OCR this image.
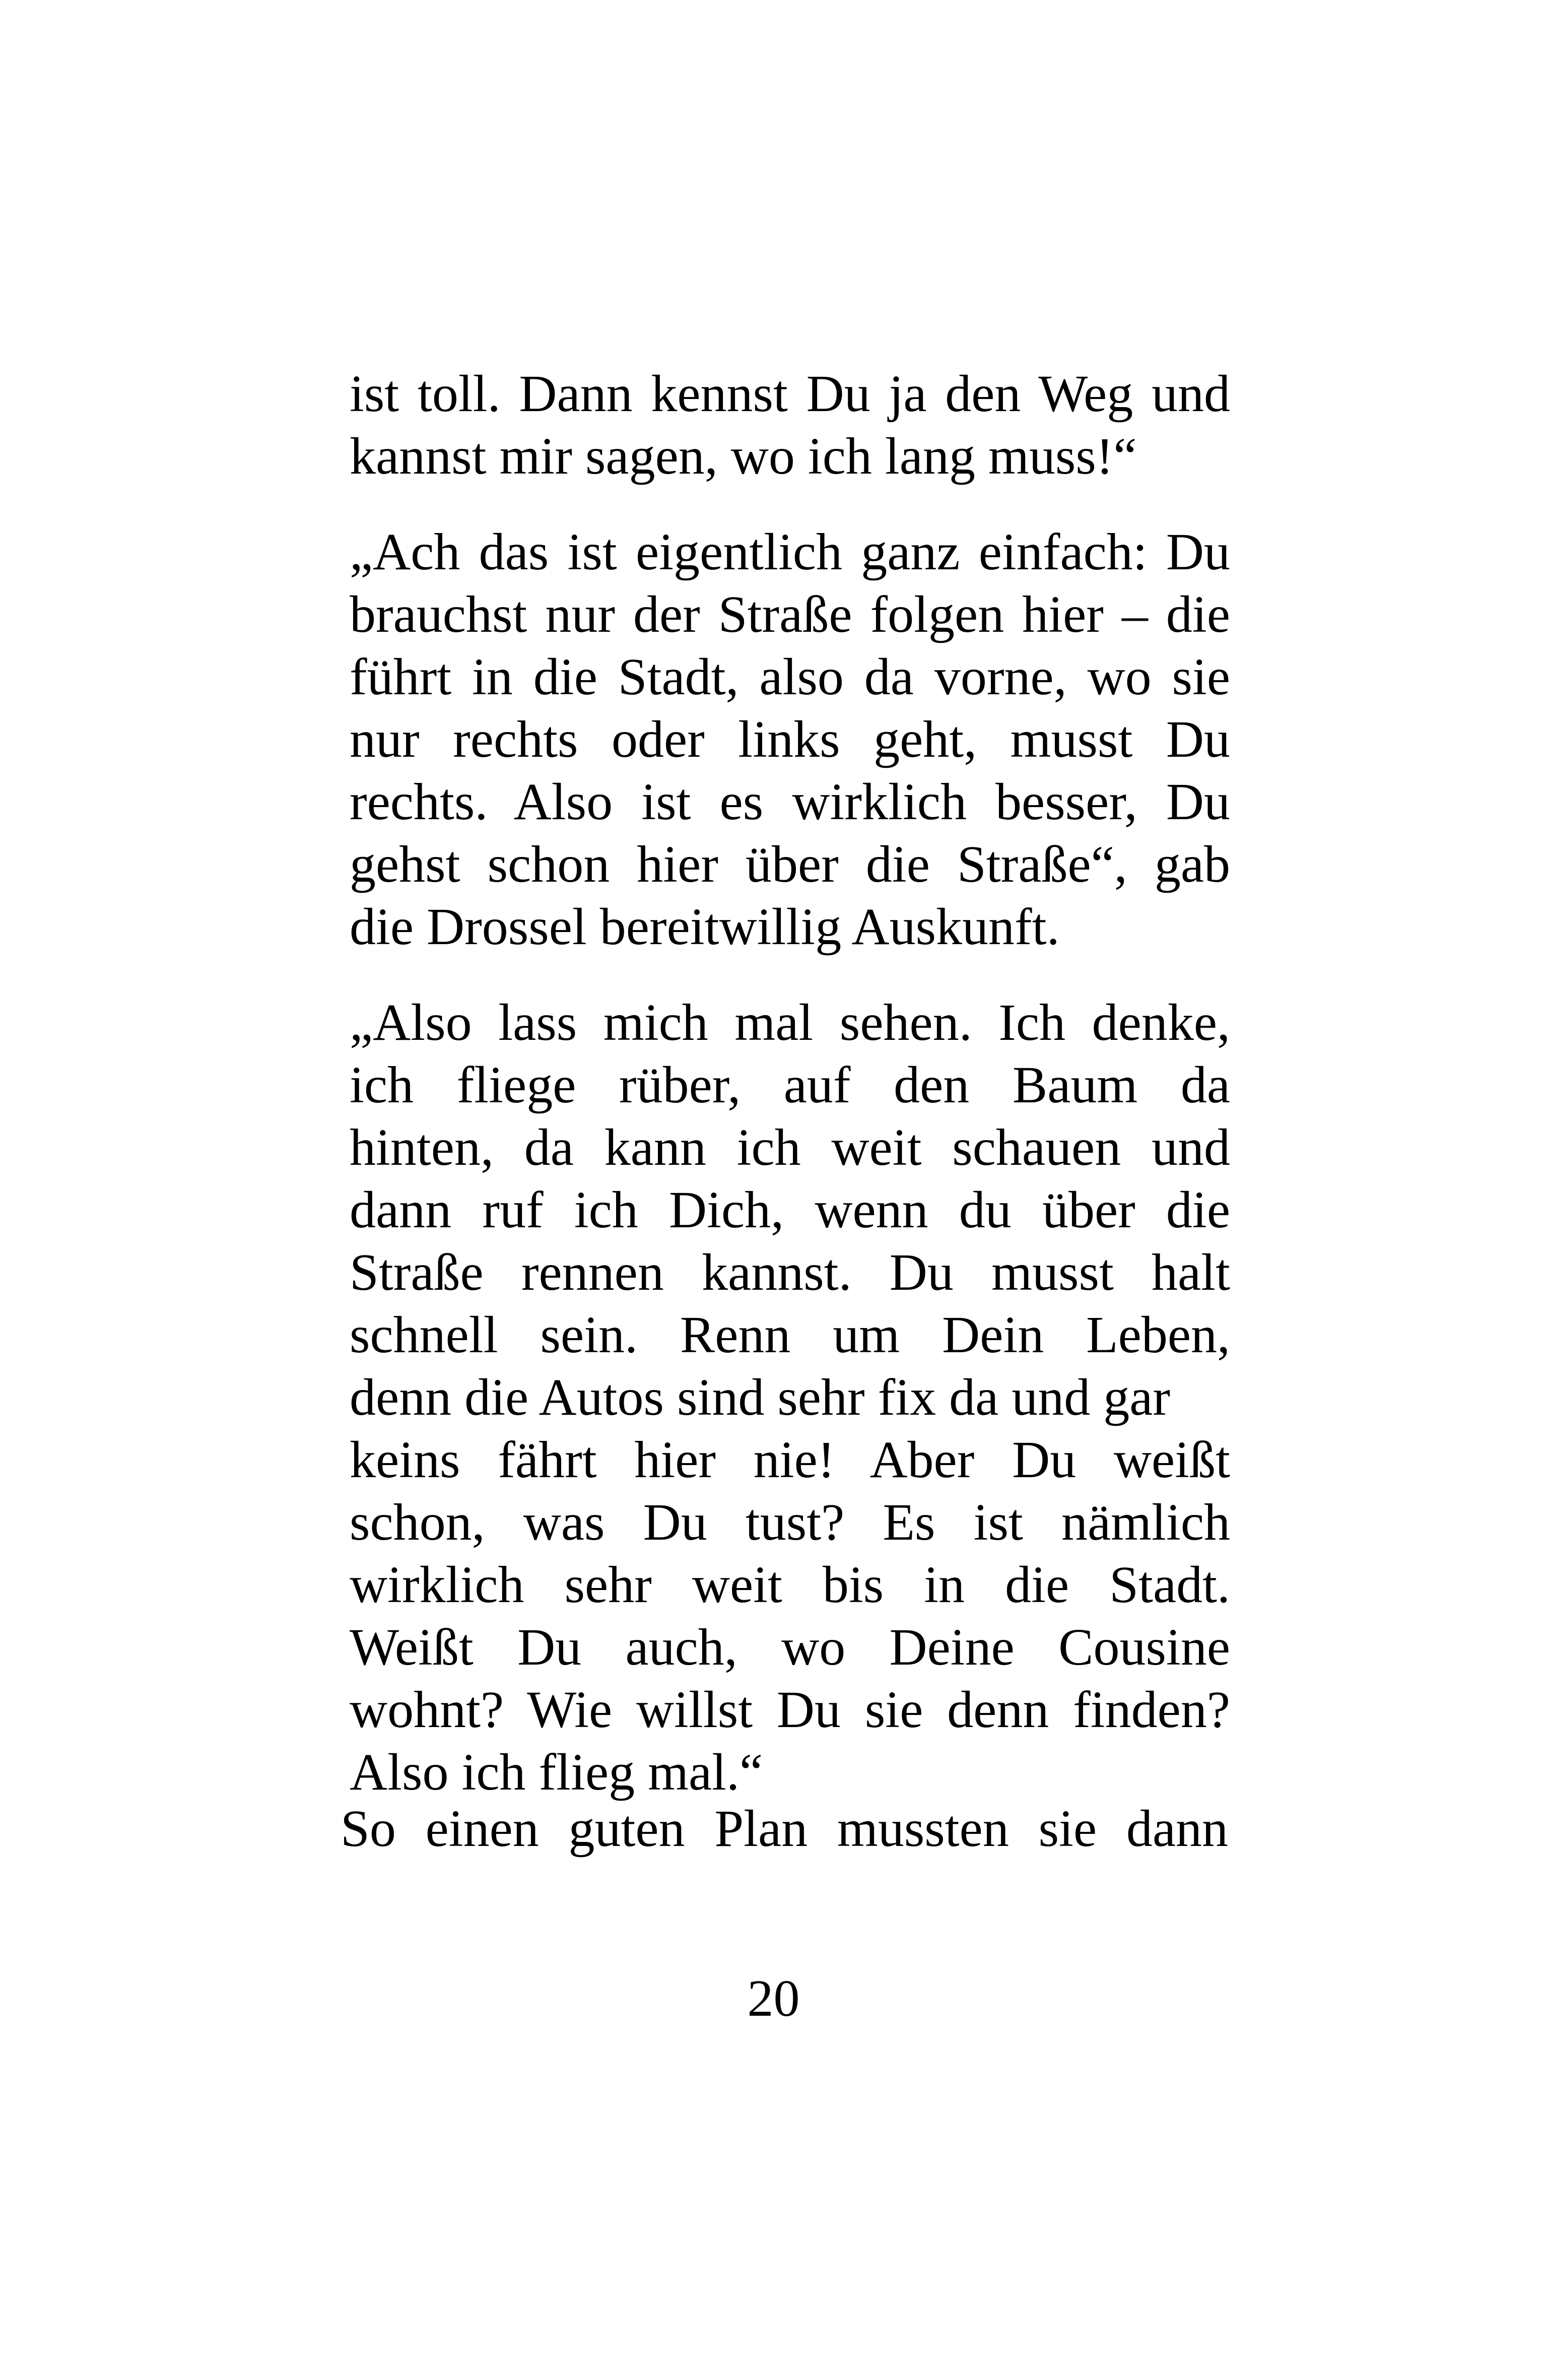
ist toll. Dann kennst Du ja den Weg und
kannst mir sagen, wo ich lang muss!“
„Ach das ist eigentlich ganz einfach: Du
brauchst nur der Straße folgen hier – die
führt in die Stadt, also da vorne, wo sie
nur rechts oder links geht, musst Du
rechts. Also ist es wirklich besser, Du
gehst schon hier über die Straße“, gab
die Drossel bereitwillig Auskunft.
„Also lass mich mal sehen. Ich denke,
ich fliege rüber, auf den Baum da
hinten, da kann ich weit schauen und
dann ruf ich Dich, wenn du über die
Straße rennen kannst. Du musst halt
schnell sein. Renn um Dein Leben,
denn die Autos sind sehr fix da und gar
keins fährt hier nie! Aber Du weißt
schon, was Du tust? Es ist nämlich
wirklich sehr weit bis in die Stadt.
Weißt Du auch, wo Deine Cousine
wohnt? Wie willst Du sie denn finden?
Also ich flieg mal.“
So einen guten Plan mussten sie dann
20
